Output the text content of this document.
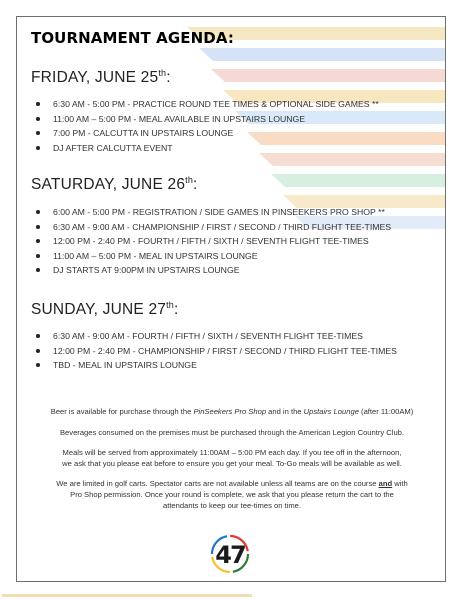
TOURNAMENT AGENDA:
FRIDAY, JUNE 25th:
6:30 AM - 5:00 PM - PRACTICE ROUND TEE TIMES & OPTIONAL SIDE GAMES **
11:00 AM – 5:00 PM - MEAL AVAILABLE IN UPSTAIRS LOUNGE
7:00 PM - CALCUTTA IN UPSTAIRS LOUNGE
DJ AFTER CALCUTTA EVENT
SATURDAY, JUNE 26th:
6:00 AM - 5:00 PM - REGISTRATION / SIDE GAMES IN PINSEEKERS PRO SHOP **
6:30 AM - 9:00 AM - CHAMPIONSHIP / FIRST / SECOND / THIRD FLIGHT TEE-TIMES
12:00 PM - 2:40 PM - FOURTH / FIFTH / SIXTH / SEVENTH FLIGHT TEE-TIMES
11:00 AM – 5:00 PM - MEAL IN UPSTAIRS LOUNGE
DJ STARTS AT 9:00PM IN UPSTAIRS LOUNGE
SUNDAY, JUNE 27th:
6:30 AM - 9:00 AM - FOURTH / FIFTH / SIXTH / SEVENTH FLIGHT TEE-TIMES
12:00 PM - 2:40 PM - CHAMPIONSHIP / FIRST / SECOND / THIRD FLIGHT TEE-TIMES
TBD - MEAL IN UPSTAIRS LOUNGE

Beer is available for purchase through the PinSeekers Pro Shop and in the Upstairs Lounge (after 11:00AM)

Beverages consumed on the premises must be purchased through the American Legion Country Club.

Meals will be served from approximately 11:00AM – 5:00 PM each day. If you tee off in the afternoon,
we ask that you please eat before to ensure you get your meal. To-Go meals will be available as well.

We are limited in golf carts. Spectator carts are not available unless all teams are on the course and with
Pro Shop permission. Once your round is complete, we ask that you please return the cart to the
attendants to keep our tee-times on time.

47
